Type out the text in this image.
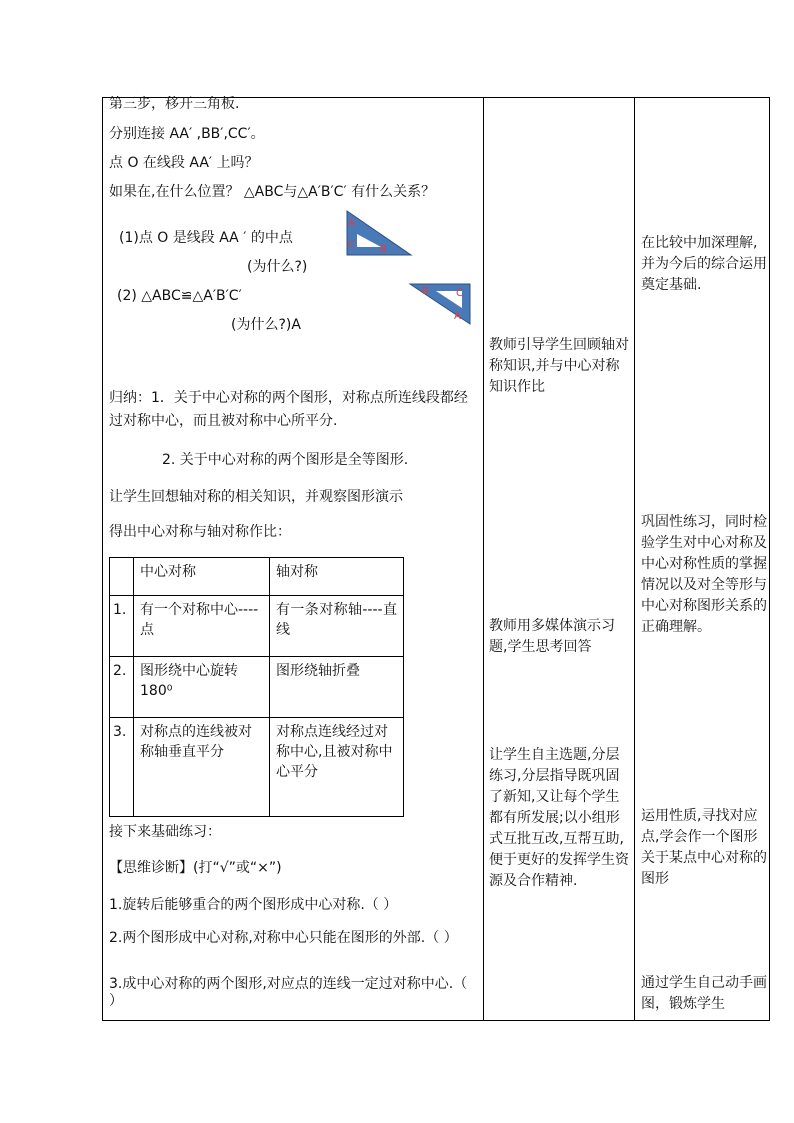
第三步，移开三角板.
分别连接 AA′ ,BB′,CC′。
点 O 在线段 AA′ 上吗？
如果在,在什么位置？ △ABC与△A′B′C′ 有什么关系？
(1)点 O 是线段 AA ′ 的中点
(为什么?)
(2) △ABC≌△A′B′C′
(为什么?)A
A
C	B
B	C
A
归纳：1．关于中心对称的两个图形，对称点所连线段都经过对称中心，而且被对称中心所平分.
2. 关于中心对称的两个图形是全等图形.
让学生回想轴对称的相关知识，并观察图形演示
得出中心对称与轴对称作比：
	中心对称	轴对称
1.	有一个对称中心----点	有一条对称轴----直线
2.	图形绕中心旋转180⁰	图形绕轴折叠
3.	对称点的连线被对称轴垂直平分	对称点连线经过对称中心,且被对称中心平分
接下来基础练习：
【思维诊断】(打“√”或“×”)
1.旋转后能够重合的两个图形成中心对称.（ ）
2.两个图形成中心对称,对称中心只能在图形的外部.（ ）
3.成中心对称的两个图形,对应点的连线一定过对称中心.（ ）
教师引导学生回顾轴对称知识,并与中心对称知识作比
教师用多媒体演示习题,学生思考回答
让学生自主选题,分层练习,分层指导既巩固了新知,又让每个学生都有所发展;以小组形式互批互改,互帮互助,便于更好的发挥学生资源及合作精神.
在比较中加深理解,并为今后的综合运用奠定基础.
巩固性练习，同时检验学生对中心对称及中心对称性质的掌握情况以及对全等形与中心对称图形关系的正确理解。
运用性质,寻找对应点,学会作一个图形关于某点中心对称的图形
通过学生自己动手画图，锻炼学生
